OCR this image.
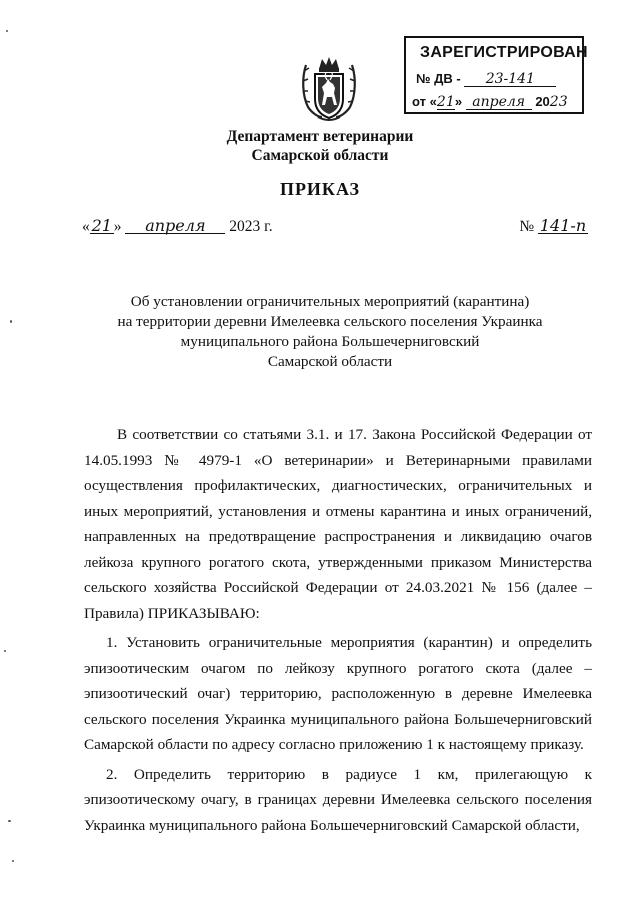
ЗАРЕГИСТРИРОВАН
№ ДВ - 23-141
от «21» апреля 2023
Департамент ветеринарии
Самарской области
ПРИКАЗ
« 21 » апреля 2023 г.	№ 141-п
Об установлении ограничительных мероприятий (карантина)
на территории деревни Имелеевка сельского поселения Украинка
муниципального района Большечерниговский
Самарской области

В соответствии со статьями 3.1. и 17. Закона Российской Федерации от 14.05.1993 № 4979-1 «О ветеринарии» и Ветеринарными правилами осуществления профилактических, диагностических, ограничительных и иных мероприятий, установления и отмены карантина и иных ограничений, направленных на предотвращение распространения и ликвидацию очагов лейкоза крупного рогатого скота, утвержденными приказом Министерства сельского хозяйства Российской Федерации от 24.03.2021 № 156 (далее – Правила) ПРИКАЗЫВАЮ:

1. Установить ограничительные мероприятия (карантин) и определить эпизоотическим очагом по лейкозу крупного рогатого скота (далее – эпизоотический очаг) территорию, расположенную в деревне Имелеевка сельского поселения Украинка муниципального района Большечерниговский Самарской области по адресу согласно приложению 1 к настоящему приказу.

2. Определить территорию в радиусе 1 км, прилегающую к эпизоотическому очагу, в границах деревни Имелеевка сельского поселения Украинка муниципального района Большечерниговский Самарской области,
